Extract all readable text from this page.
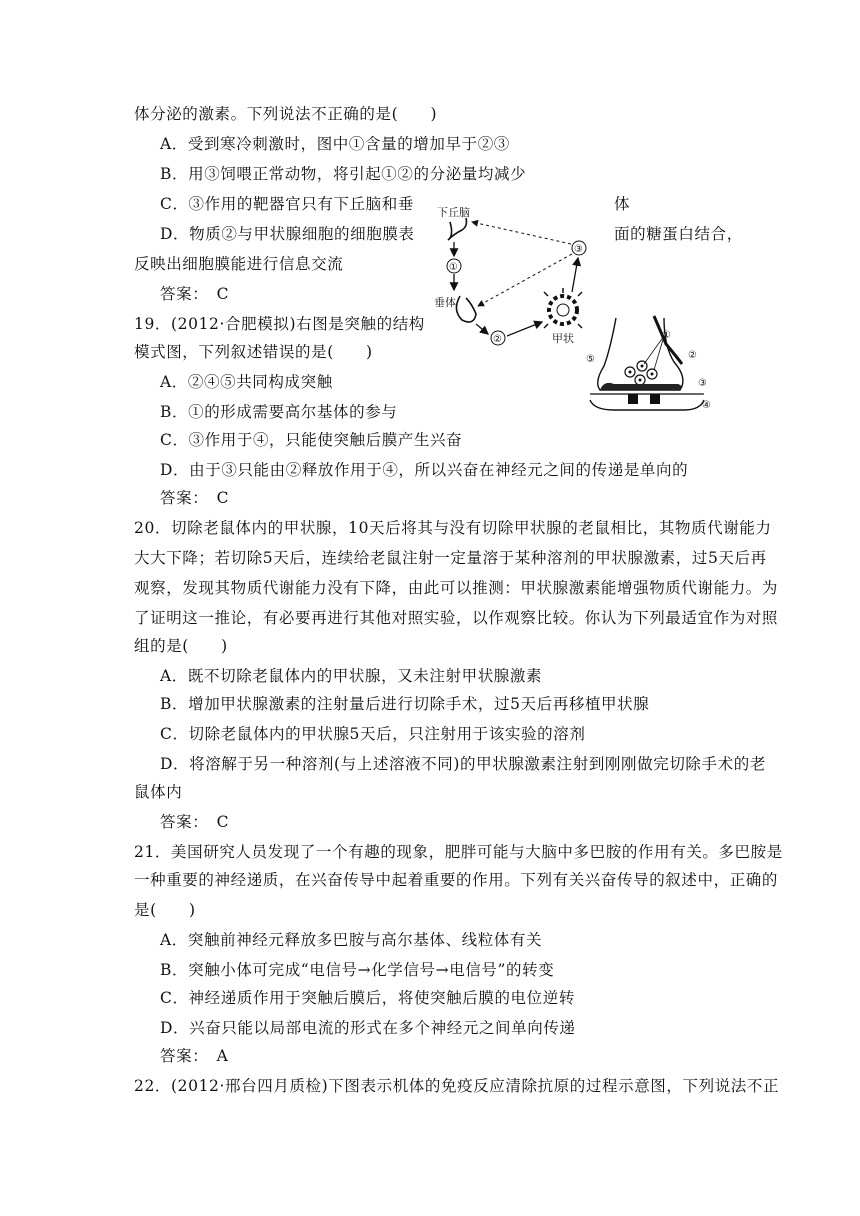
体分泌的激素。下列说法不正确的是(　　)
A．受到寒冷刺激时，图中①含量的增加早于②③
B．用③饲喂正常动物，将引起①②的分泌量均减少
C．③作用的靶器官只有下丘脑和垂	体
D．物质②与甲状腺细胞的细胞膜表	面的糖蛋白结合，
反映出细胞膜能进行信息交流
答案：　C
下丘脑
①
垂体
②	甲状
③
19．(2012·合肥模拟)右图是突触的结构
模式图，下列叙述错误的是(　　)
A．②④⑤共同构成突触
B．①的形成需要高尔基体的参与
C．③作用于④，只能使突触后膜产生兴奋
D．由于③只能由②释放作用于④，所以兴奋在神经元之间的传递是单向的
答案：　C
①
②
③
④
⑤
20．切除老鼠体内的甲状腺，10天后将其与没有切除甲状腺的老鼠相比，其物质代谢能力
大大下降；若切除5天后，连续给老鼠注射一定量溶于某种溶剂的甲状腺激素，过5天后再
观察，发现其物质代谢能力没有下降，由此可以推测：甲状腺激素能增强物质代谢能力。为
了证明这一推论，有必要再进行其他对照实验，以作观察比较。你认为下列最适宜作为对照
组的是(　　)
A．既不切除老鼠体内的甲状腺，又未注射甲状腺激素
B．增加甲状腺激素的注射量后进行切除手术，过5天后再移植甲状腺
C．切除老鼠体内的甲状腺5天后，只注射用于该实验的溶剂
D．将溶解于另一种溶剂(与上述溶液不同)的甲状腺激素注射到刚刚做完切除手术的老
鼠体内
答案：　C
21．美国研究人员发现了一个有趣的现象，肥胖可能与大脑中多巴胺的作用有关。多巴胺是
一种重要的神经递质，在兴奋传导中起着重要的作用。下列有关兴奋传导的叙述中，正确的
是(　　)
A．突触前神经元释放多巴胺与高尔基体、线粒体有关
B．突触小体可完成“电信号→化学信号→电信号”的转变
C．神经递质作用于突触后膜后，将使突触后膜的电位逆转
D．兴奋只能以局部电流的形式在多个神经元之间单向传递
答案：　A
22．(2012·邢台四月质检)下图表示机体的免疫反应清除抗原的过程示意图，下列说法不正
